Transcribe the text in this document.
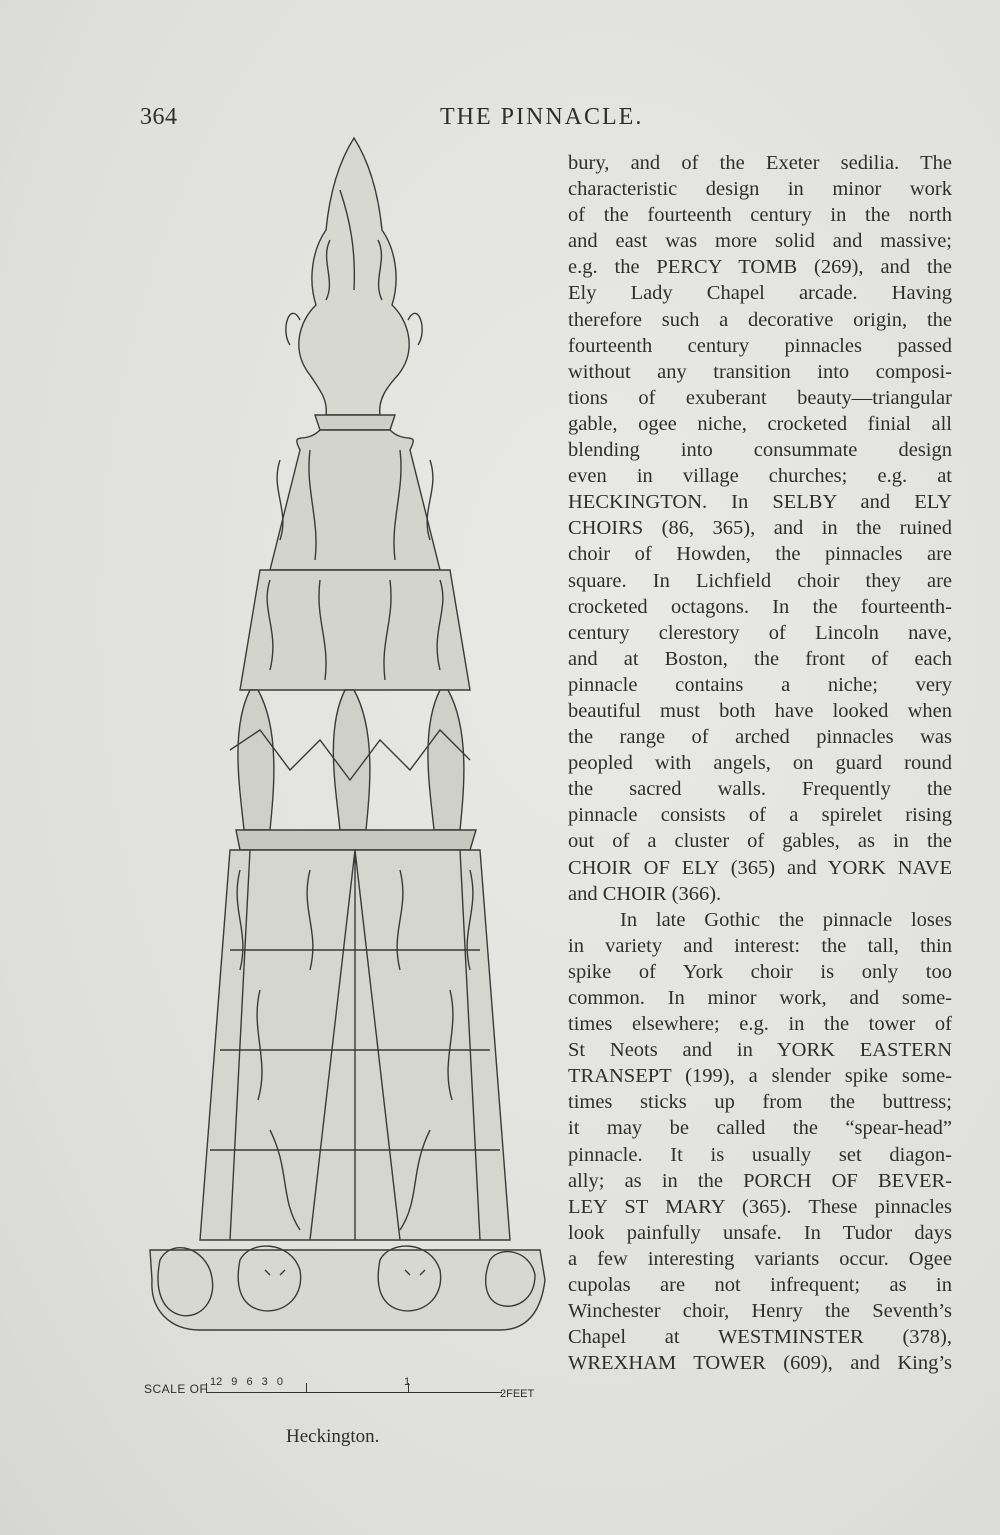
364	THE PINNACLE.
SCALE OF 12 9 6 3 0	1
2FEET
Heckington.
bury, and of the Exeter sedilia. The
characteristic design in minor work
of the fourteenth century in the north
and east was more solid and massive;
e.g. the PERCY TOMB (269), and the
Ely Lady Chapel arcade. Having
therefore such a decorative origin, the
fourteenth century pinnacles passed
without any transition into composi-
tions of exuberant beauty—triangular
gable, ogee niche, crocketed finial all
blending into consummate design
even in village churches; e.g. at
HECKINGTON. In SELBY and ELY
CHOIRS (86, 365), and in the ruined
choir of Howden, the pinnacles are
square. In Lichfield choir they are
crocketed octagons. In the fourteenth-
century clerestory of Lincoln nave,
and at Boston, the front of each
pinnacle contains a niche; very
beautiful must both have looked when
the range of arched pinnacles was
peopled with angels, on guard round
the sacred walls. Frequently the
pinnacle consists of a spirelet rising
out of a cluster of gables, as in the
CHOIR OF ELY (365) and YORK NAVE
and CHOIR (366).
In late Gothic the pinnacle loses
in variety and interest: the tall, thin
spike of York choir is only too
common. In minor work, and some-
times elsewhere; e.g. in the tower of
St Neots and in YORK EASTERN
TRANSEPT (199), a slender spike some-
times sticks up from the buttress;
it may be called the “spear-head”
pinnacle. It is usually set diagon-
ally; as in the PORCH OF BEVER-
LEY ST MARY (365). These pinnacles
look painfully unsafe. In Tudor days
a few interesting variants occur. Ogee
cupolas are not infrequent; as in
Winchester choir, Henry the Seventh’s
Chapel at WESTMINSTER (378),
WREXHAM TOWER (609), and King’s
